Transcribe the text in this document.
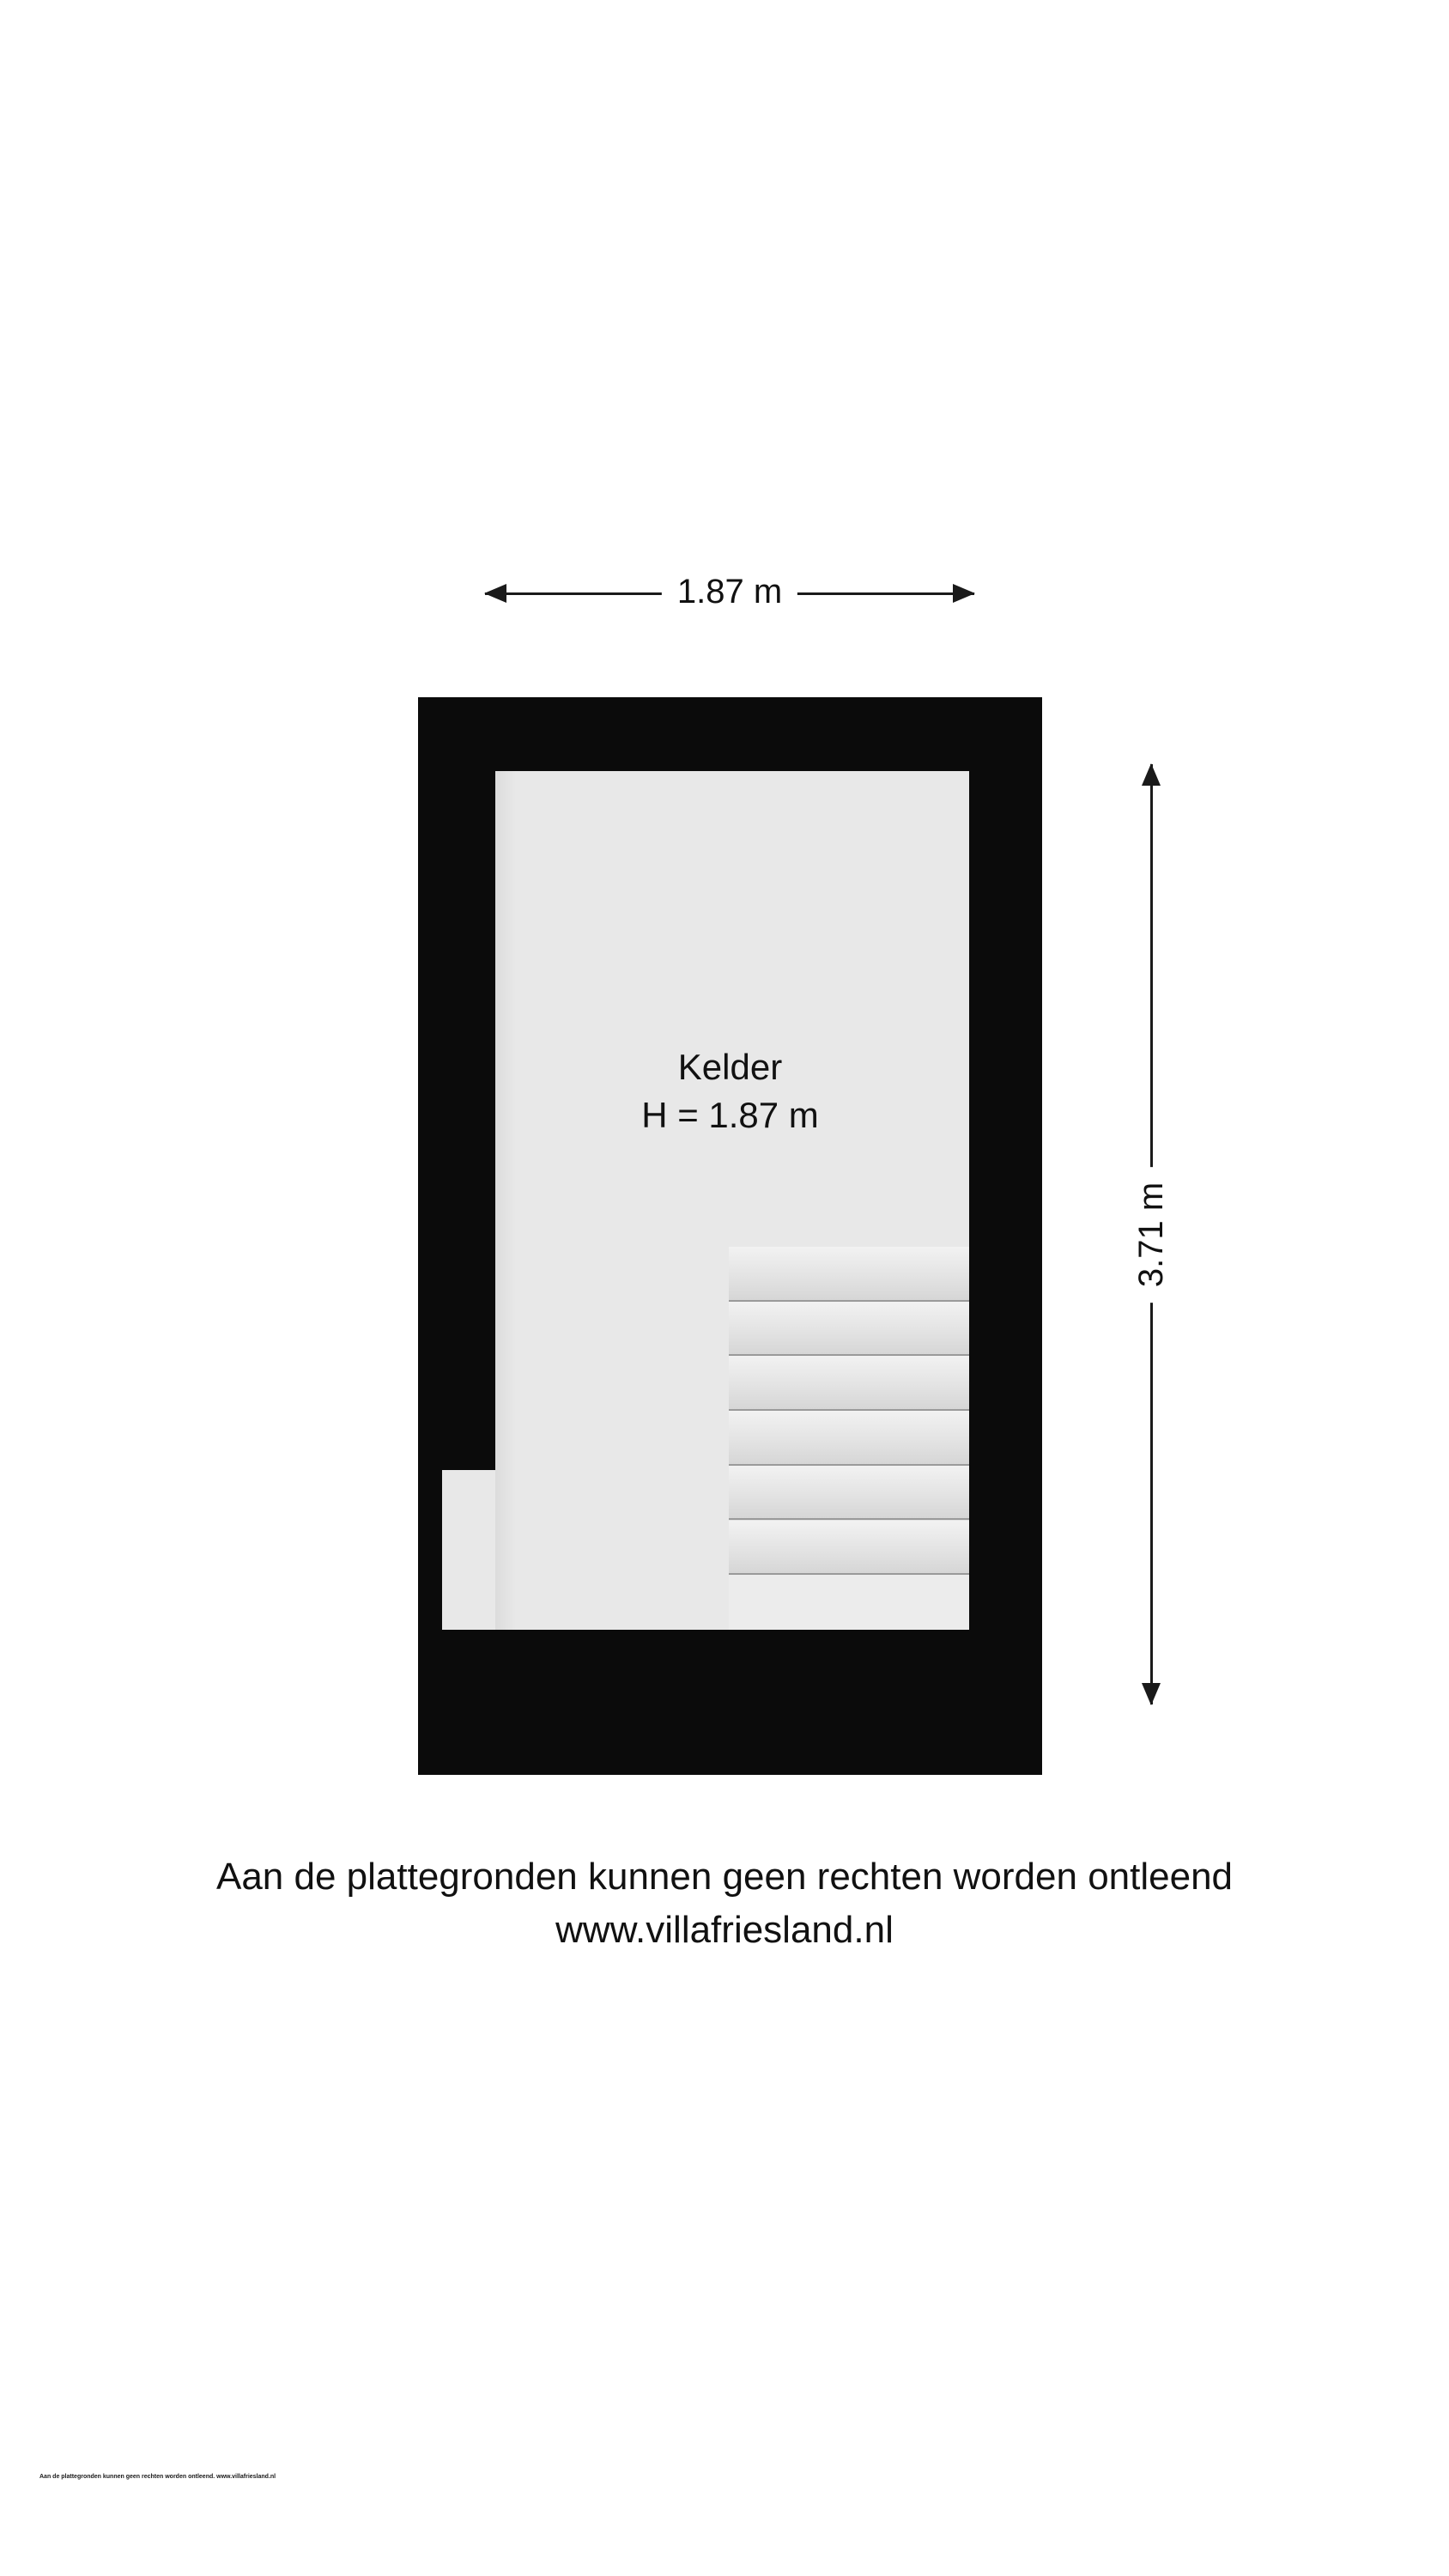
1.87 m
3.71 m
Kelder
H = 1.87 m
Aan de plattegronden kunnen geen rechten worden ontleend
www.villafriesland.nl
Aan de plattegronden kunnen geen rechten worden ontleend. www.villafriesland.nl
